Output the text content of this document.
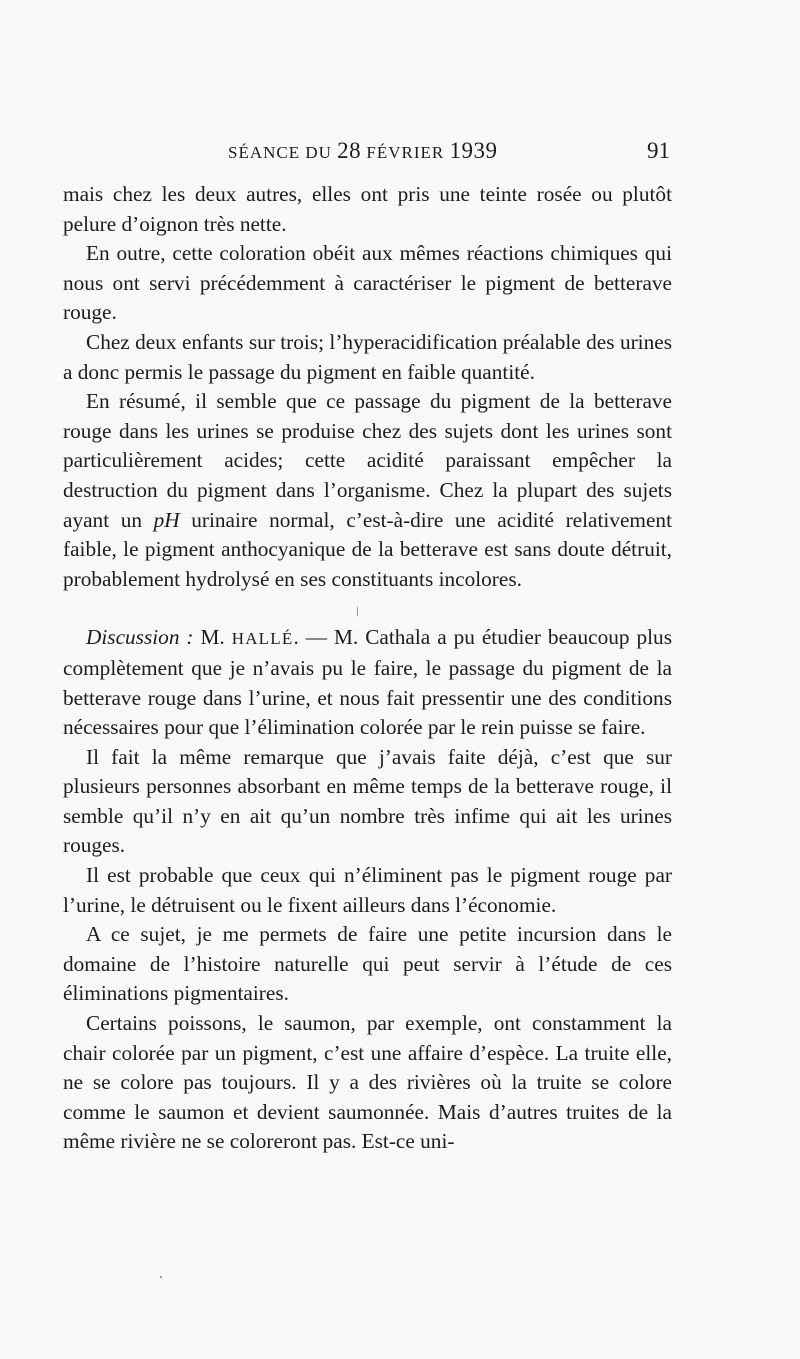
SÉANCE DU 28 FÉVRIER 1939	91

mais chez les deux autres, elles ont pris une teinte rosée ou plutôt pelure d’oignon très nette.

En outre, cette coloration obéit aux mêmes réactions chimiques qui nous ont servi précédemment à caractériser le pigment de betterave rouge.

Chez deux enfants sur trois; l’hyperacidification préalable des urines a donc permis le passage du pigment en faible quantité.

En résumé, il semble que ce passage du pigment de la betterave rouge dans les urines se produise chez des sujets dont les urines sont particulièrement acides; cette acidité paraissant empêcher la destruction du pigment dans l’organisme. Chez la plupart des sujets ayant un pH urinaire normal, c’est-à-dire une acidité relativement faible, le pigment anthocyanique de la betterave est sans doute détruit, probablement hydrolysé en ses constituants incolores.

Discussion : M. HALLÉ. — M. Cathala a pu étudier beaucoup plus complètement que je n’avais pu le faire, le passage du pigment de la betterave rouge dans l’urine, et nous fait pressentir une des conditions nécessaires pour que l’élimination colorée par le rein puisse se faire.

Il fait la même remarque que j’avais faite déjà, c’est que sur plusieurs personnes absorbant en même temps de la betterave rouge, il semble qu’il n’y en ait qu’un nombre très infime qui ait les urines rouges.

Il est probable que ceux qui n’éliminent pas le pigment rouge par l’urine, le détruisent ou le fixent ailleurs dans l’économie.

A ce sujet, je me permets de faire une petite incursion dans le domaine de l’histoire naturelle qui peut servir à l’étude de ces éliminations pigmentaires.

Certains poissons, le saumon, par exemple, ont constamment la chair colorée par un pigment, c’est une affaire d’espèce. La truite elle, ne se colore pas toujours. Il y a des rivières où la truite se colore comme le saumon et devient saumonnée. Mais d’autres truites de la même rivière ne se coloreront pas. Est-ce uni-
